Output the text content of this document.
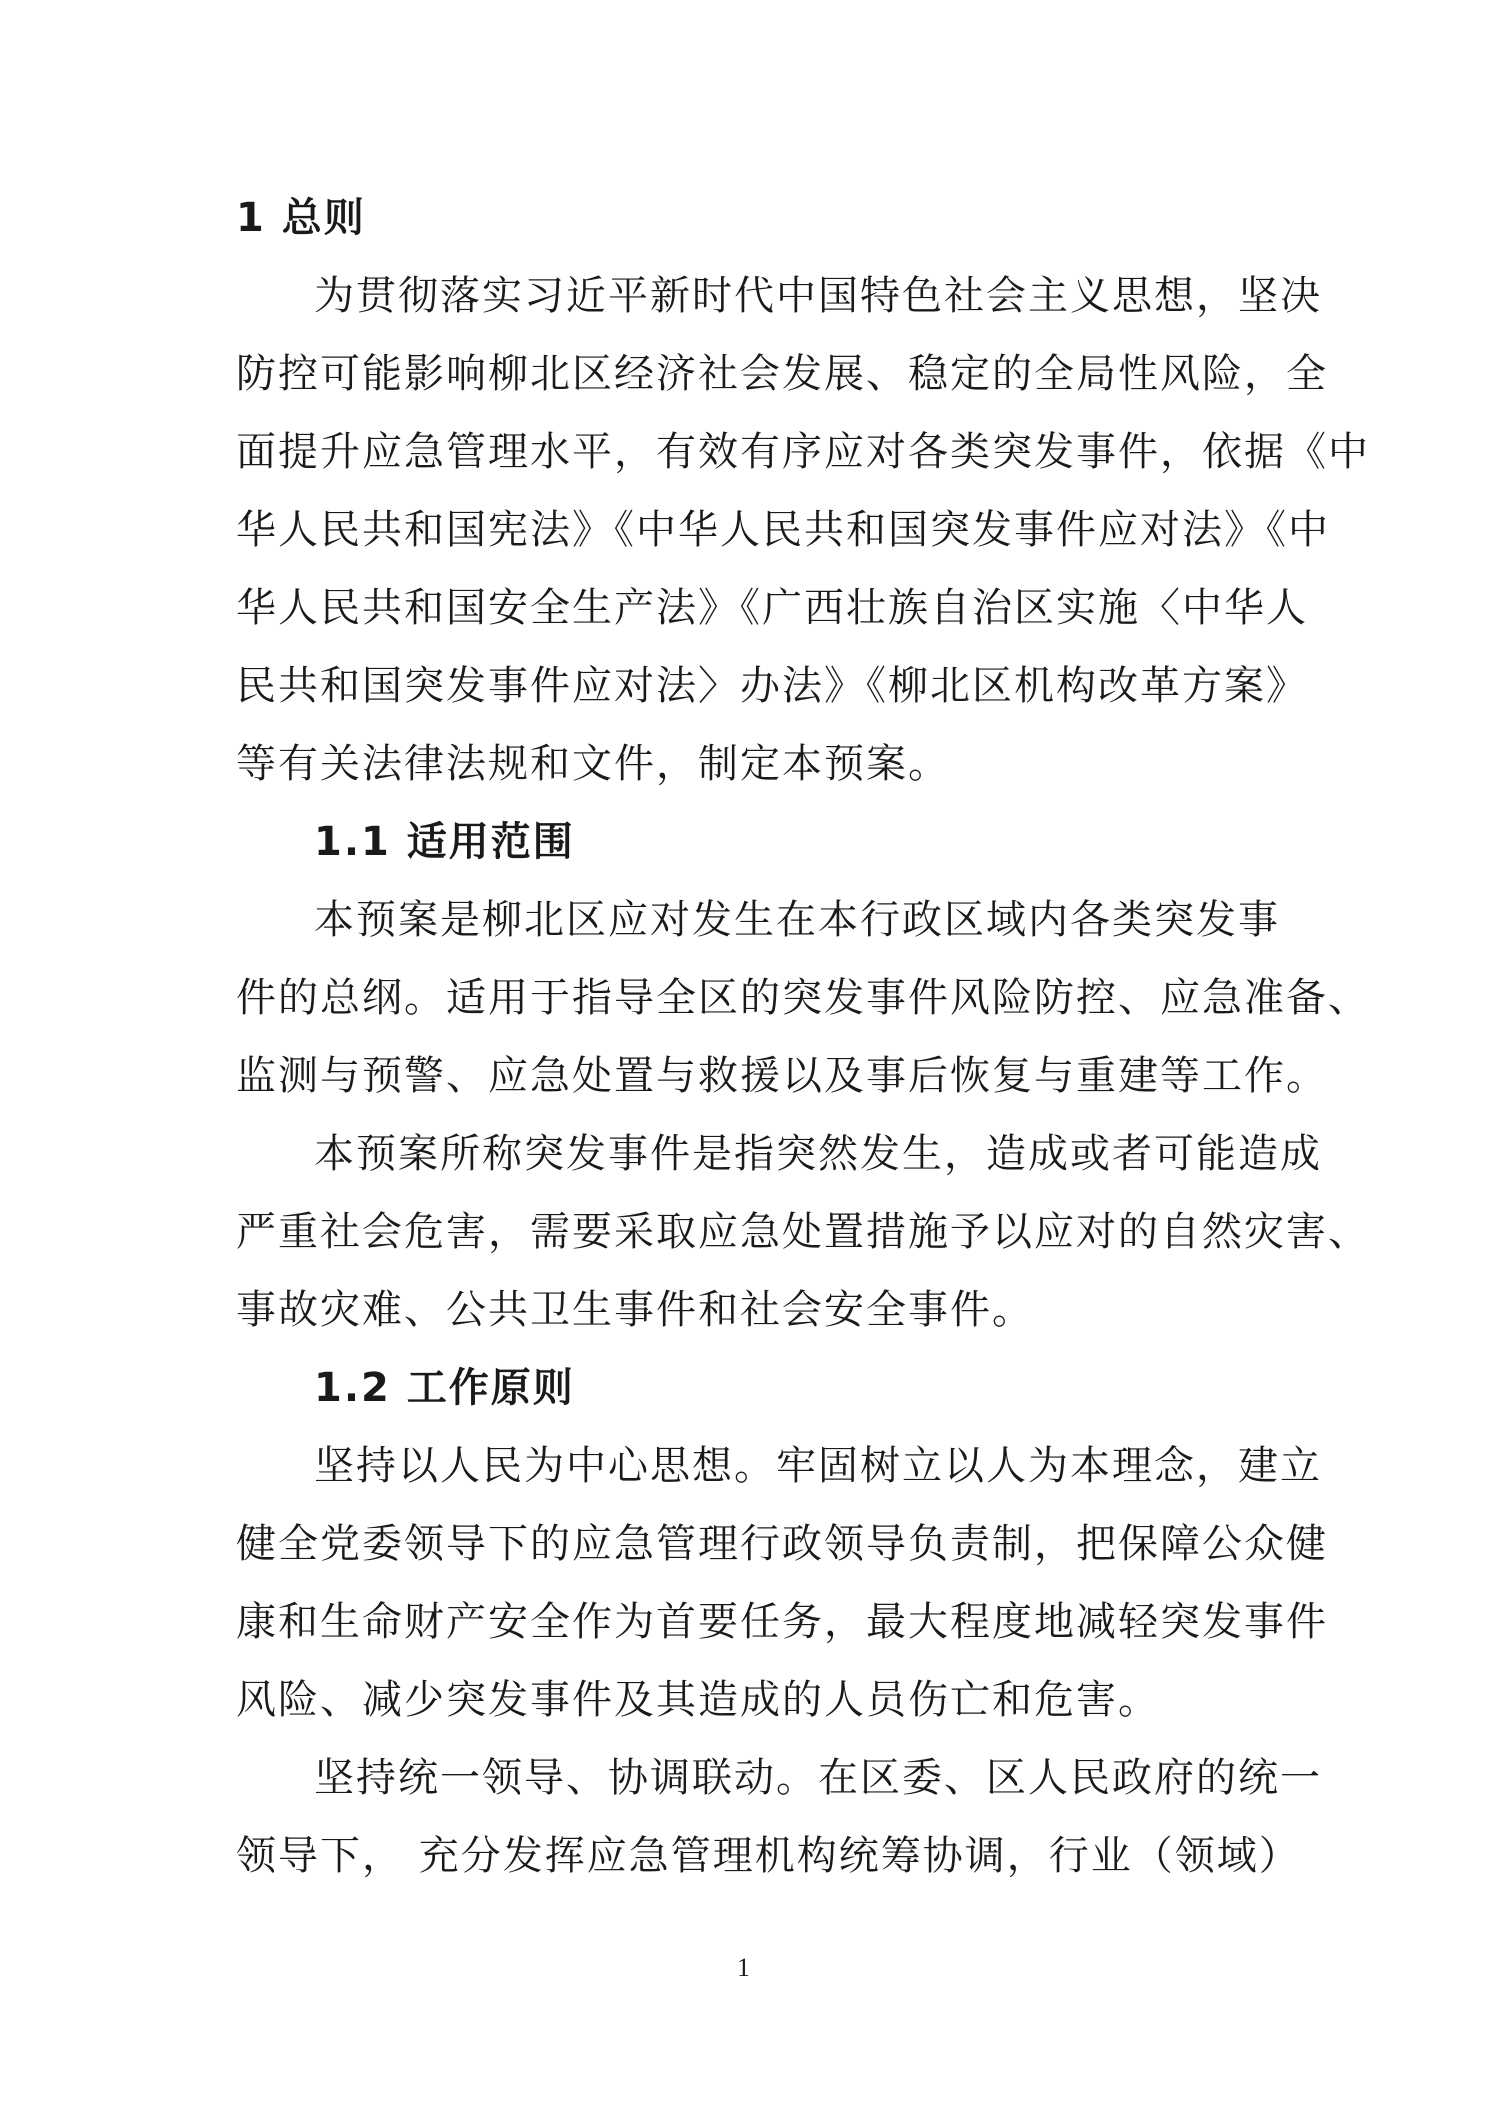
1 总则
为贯彻落实习近平新时代中国特色社会主义思想，坚决
防控可能影响柳北区经济社会发展、稳定的全局性风险，全
面提升应急管理水平，有效有序应对各类突发事件，依据《中
华人民共和国宪法》《中华人民共和国突发事件应对法》《中
华人民共和国安全生产法》《广西壮族自治区实施〈中华人
民共和国突发事件应对法〉办法》《柳北区机构改革方案》
等有关法律法规和文件，制定本预案。
1.1 适用范围
本预案是柳北区应对发生在本行政区域内各类突发事
件的总纲。适用于指导全区的突发事件风险防控、应急准备、
监测与预警、应急处置与救援以及事后恢复与重建等工作。
本预案所称突发事件是指突然发生，造成或者可能造成
严重社会危害，需要采取应急处置措施予以应对的自然灾害、
事故灾难、公共卫生事件和社会安全事件。
1.2 工作原则
坚持以人民为中心思想。牢固树立以人为本理念，建立
健全党委领导下的应急管理行政领导负责制，把保障公众健
康和生命财产安全作为首要任务，最大程度地减轻突发事件
风险、减少突发事件及其造成的人员伤亡和危害。
坚持统一领导、协调联动。在区委、区人民政府的统一
领导下， 充分发挥应急管理机构统筹协调，行业（领域）
1
